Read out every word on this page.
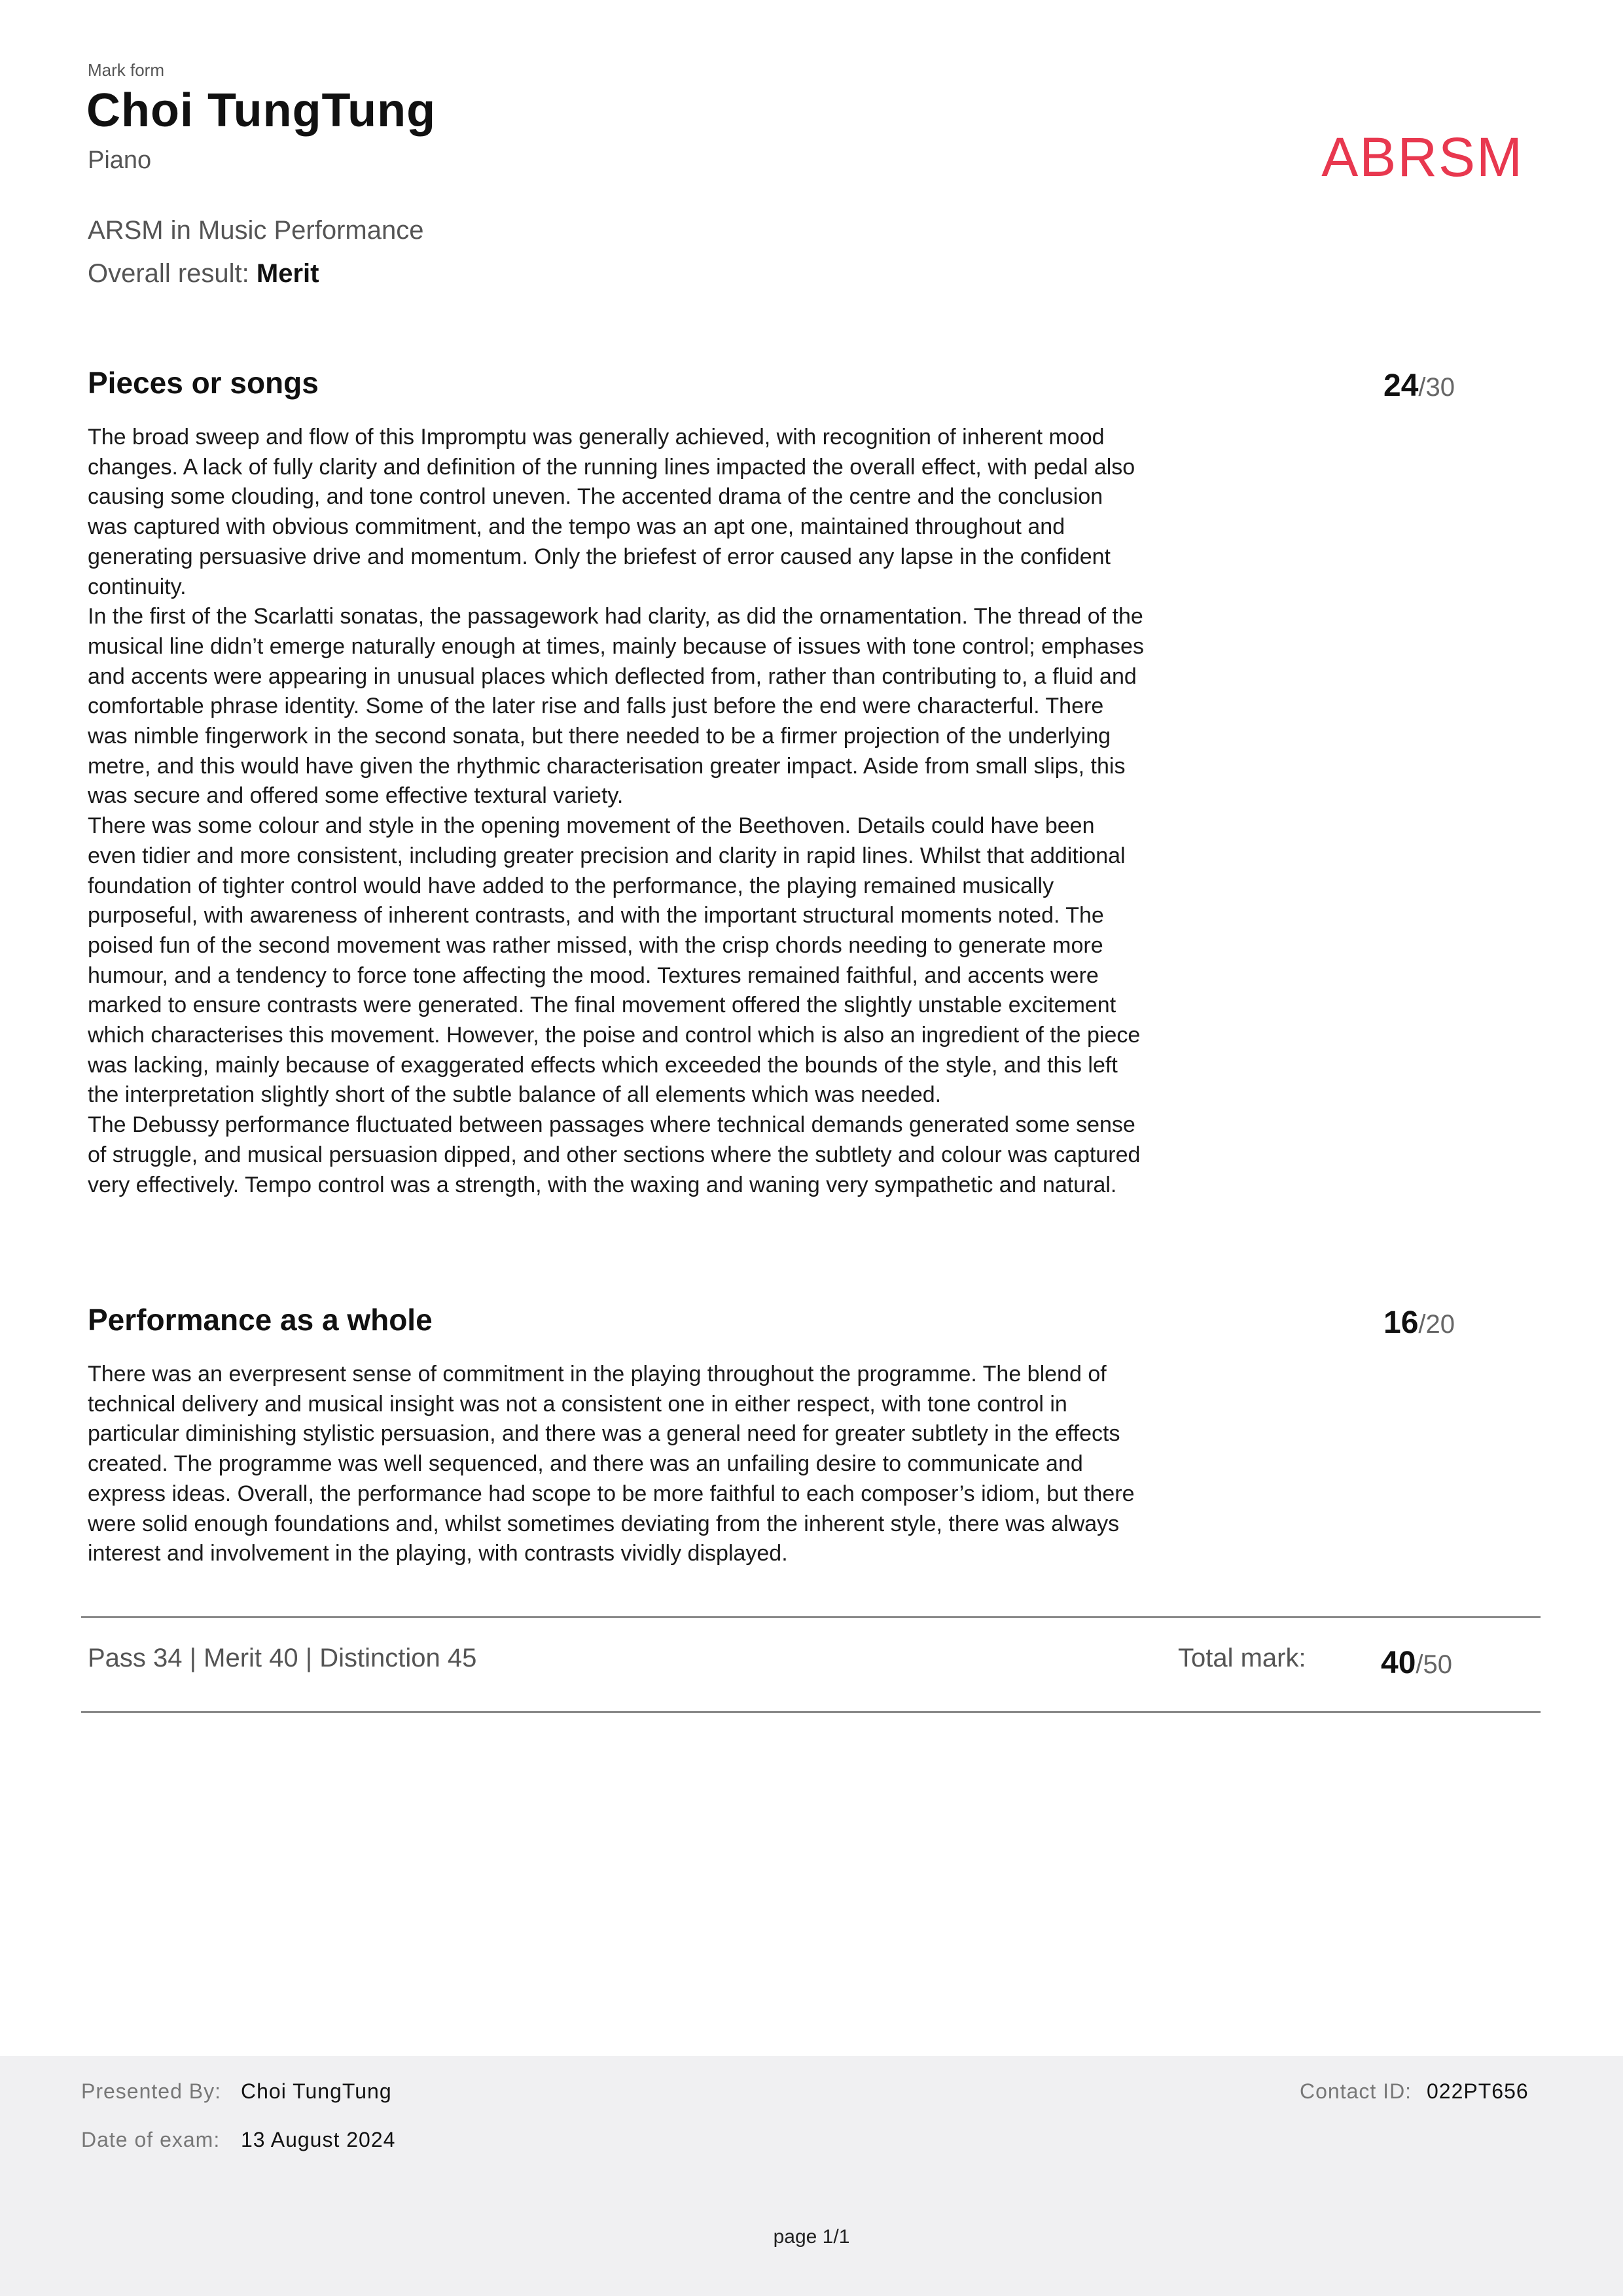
Mark form
Choi TungTung
Piano	ABRSM
ARSM in Music Performance
Overall result: Merit
Pieces or songs	24/30

The broad sweep and flow of this Impromptu was generally achieved, with recognition of inherent mood changes. A lack of fully clarity and definition of the running lines impacted the overall effect, with pedal also causing some clouding, and tone control uneven. The accented drama of the centre and the conclusion was captured with obvious commitment, and the tempo was an apt one, maintained throughout and generating persuasive drive and momentum. Only the briefest of error caused any lapse in the confident continuity.

In the first of the Scarlatti sonatas, the passagework had clarity, as did the ornamentation. The thread of the musical line didn’t emerge naturally enough at times, mainly because of issues with tone control; emphases and accents were appearing in unusual places which deflected from, rather than contributing to, a fluid and comfortable phrase identity. Some of the later rise and falls just before the end were characterful. There was nimble fingerwork in the second sonata, but there needed to be a firmer projection of the underlying metre, and this would have given the rhythmic characterisation greater impact. Aside from small slips, this was secure and offered some effective textural variety.

There was some colour and style in the opening movement of the Beethoven. Details could have been even tidier and more consistent, including greater precision and clarity in rapid lines. Whilst that additional foundation of tighter control would have added to the performance, the playing remained musically purposeful, with awareness of inherent contrasts, and with the important structural moments noted. The poised fun of the second movement was rather missed, with the crisp chords needing to generate more humour, and a tendency to force tone affecting the mood. Textures remained faithful, and accents were marked to ensure contrasts were generated. The final movement offered the slightly unstable excitement which characterises this movement. However, the poise and control which is also an ingredient of the piece was lacking, mainly because of exaggerated effects which exceeded the bounds of the style, and this left the interpretation slightly short of the subtle balance of all elements which was needed.

The Debussy performance fluctuated between passages where technical demands generated some sense of struggle, and musical persuasion dipped, and other sections where the subtlety and colour was captured very effectively. Tempo control was a strength, with the waxing and waning very sympathetic and natural.

Performance as a whole	16/20

There was an everpresent sense of commitment in the playing throughout the programme. The blend of technical delivery and musical insight was not a consistent one in either respect, with tone control in particular diminishing stylistic persuasion, and there was a general need for greater subtlety in the effects created. The programme was well sequenced, and there was an unfailing desire to communicate and express ideas. Overall, the performance had scope to be more faithful to each composer’s idiom, but there were solid enough foundations and, whilst sometimes deviating from the inherent style, there was always interest and involvement in the playing, with contrasts vividly displayed.

Pass 34 | Merit 40 | Distinction 45	Total mark: 40/50
Presented By: Choi TungTung
Date of exam: 13 August 2024
Contact ID: 022PT656
page 1/1
